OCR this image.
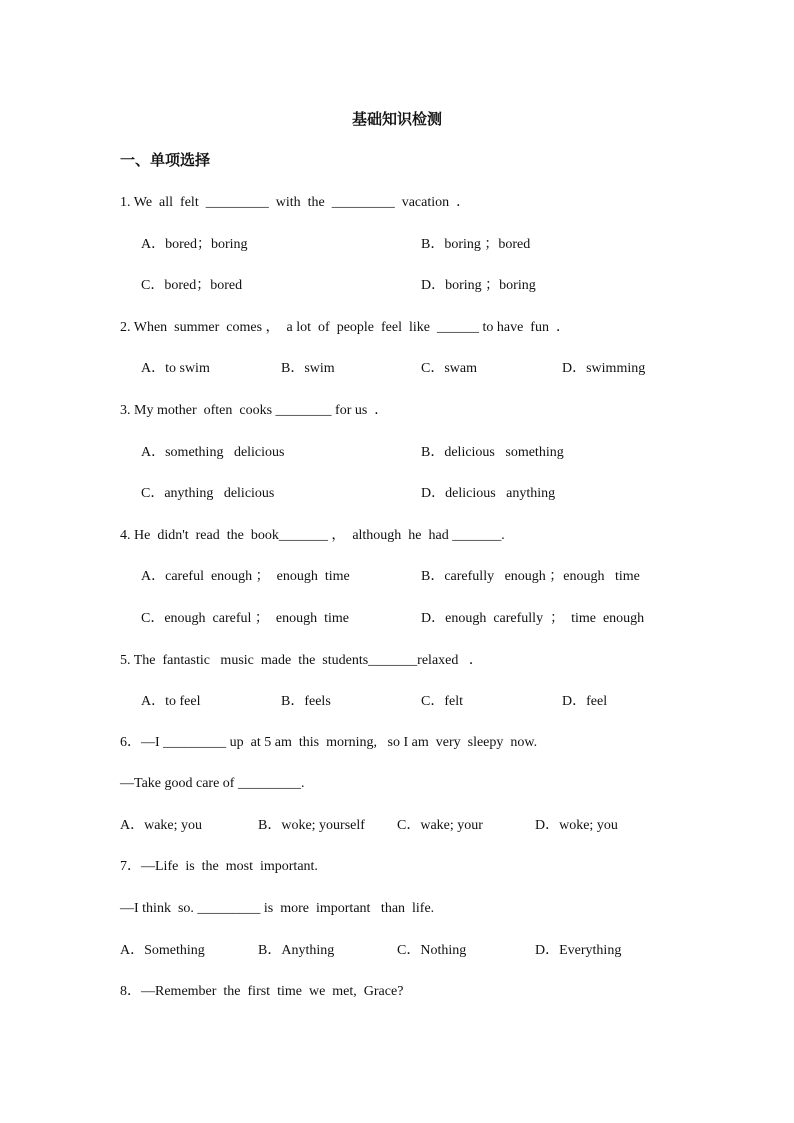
基础知识检测
一、单项选择
1. We  all  felt  _________  with  the  _________  vacation  ．
A．bored；boring	B．boring ；bored
C．bored；bored	D．boring ；boring
2. When  summer  comes ，  a lot  of  people  feel  like  ______ to have  fun  ．
A．to swim	B．swim	C．swam	D．swimming
3. My mother  often  cooks ________ for us  ．
A．something   delicious	B．delicious   something
C．anything   delicious	D．delicious   anything
4. He  didn't  read  the  book_______ ，  although  he  had _______.
A．careful  enough ；  enough  time	B．carefully   enough ；enough   time
C．enough  careful ；  enough  time	D．enough  carefully  ；  time  enough
5. The  fantastic   music  made  the  students_______relaxed   ．
A．to feel	B．feels	C．felt	D．feel
6．—I _________ up  at 5 am  this  morning,   so I am  very  sleepy  now.
—Take good care of _________.
A．wake; you	B．woke; yourself C．wake; your	D．woke; you
7．—Life  is  the  most  important.
—I think  so. _________ is  more  important   than  life.
A．Something	B．Anything	C．Nothing	D．Everything
8．—Remember  the  first  time  we  met,  Grace?
